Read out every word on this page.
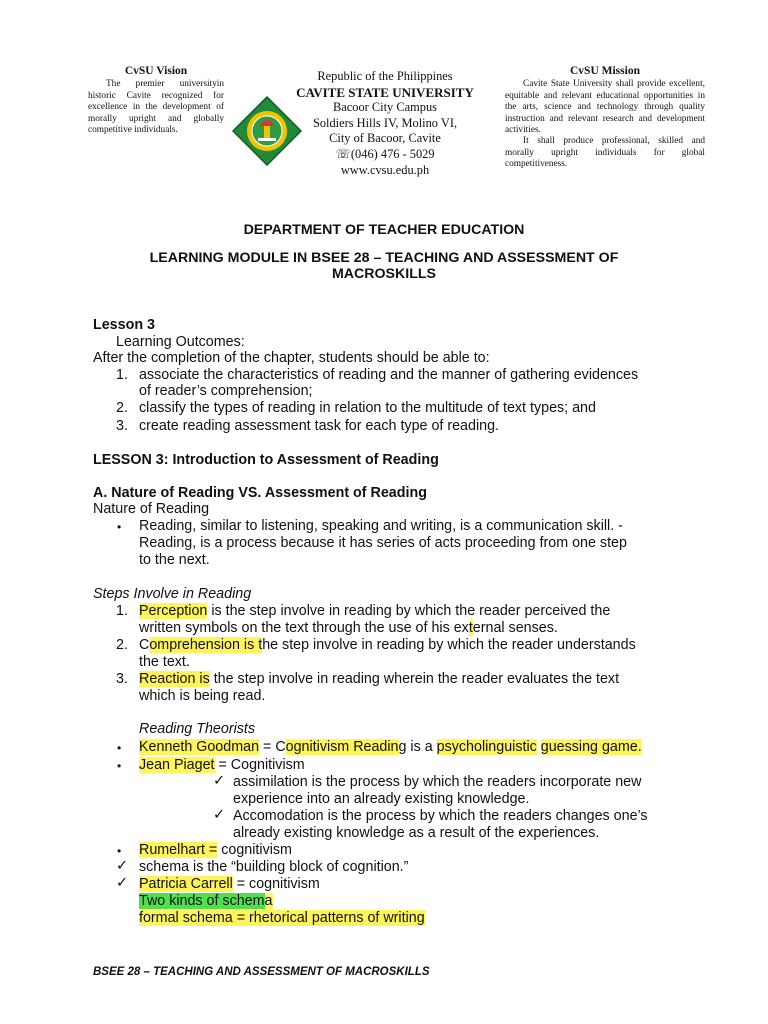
CvSU Vision
The premier universityin historic Cavite recognized for excellence in the development of morally upright and globally competitive individuals.
Republic of the Philippines
CAVITE STATE UNIVERSITY
Bacoor City Campus
Soldiers Hills IV, Molino VI,
City of Bacoor, Cavite
☏(046) 476 - 5029
www.cvsu.edu.ph
CvSU Mission
Cavite State University shall provide excellent, equitable and relevant educational opportunities in the arts, science and technology through quality instruction and relevant research and development activities.
It shall produce professional, skilled and morally upright individuals for global competitiveness.
DEPARTMENT OF TEACHER EDUCATION
LEARNING MODULE IN BSEE 28 – TEACHING AND ASSESSMENT OF
MACROSKILLS
Lesson 3
Learning Outcomes:
After the completion of the chapter, students should be able to:
1. associate the characteristics of reading and the manner of gathering evidences
of reader’s comprehension;
2. classify the types of reading in relation to the multitude of text types; and
3. create reading assessment task for each type of reading.
LESSON 3: Introduction to Assessment of Reading
A. Nature of Reading VS. Assessment of Reading
Nature of Reading
• Reading, similar to listening, speaking and writing, is a communication skill. -
Reading, is a process because it has series of acts proceeding from one step
to the next.
Steps Involve in Reading
1. Perception is the step involve in reading by which the reader perceived the
written symbols on the text through the use of his external senses.
2. Comprehension is the step involve in reading by which the reader understands
the text.
3. Reaction is the step involve in reading wherein the reader evaluates the text
which is being read.
Reading Theorists
• Kenneth Goodman = Cognitivism Reading is a psycholinguistic guessing game.
• Jean Piaget = Cognitivism
✓ assimilation is the process by which the readers incorporate new
experience into an already existing knowledge.
✓ Accomodation is the process by which the readers changes one’s
already existing knowledge as a result of the experiences.
• Rumelhart = cognitivism
✓ schema is the “building block of cognition.”
✓ Patricia Carrell = cognitivism
Two kinds of schema
formal schema = rhetorical patterns of writing
BSEE 28 – TEACHING AND ASSESSMENT OF MACROSKILLS
